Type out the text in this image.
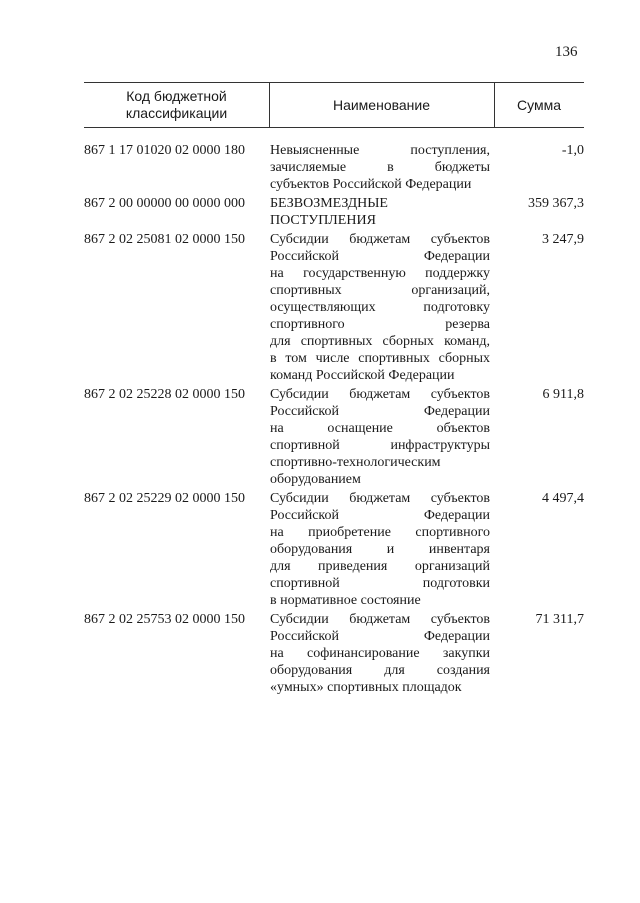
136
Код бюджетной
классификации
Наименование	Сумма
867 1 17 01020 02 0000 180	Невыясненные поступления,
зачисляемые в бюджеты
субъектов Российской Федерации
-1,0
867 2 00 00000 00 0000 000	БЕЗВОЗМЕЗДНЫЕ
ПОСТУПЛЕНИЯ
359 367,3
867 2 02 25081 02 0000 150	Субсидии бюджетам субъектов
Российской Федерации
на государственную поддержку
спортивных организаций,
осуществляющих подготовку
спортивного резерва
для спортивных сборных команд,
в том числе спортивных сборных
команд Российской Федерации
3 247,9
867 2 02 25228 02 0000 150	Субсидии бюджетам субъектов
Российской Федерации
на оснащение объектов
спортивной инфраструктуры
спортивно-технологическим
оборудованием
6 911,8
867 2 02 25229 02 0000 150	Субсидии бюджетам субъектов
Российской Федерации
на приобретение спортивного
оборудования и инвентаря
для приведения организаций
спортивной подготовки
в нормативное состояние
4 497,4
867 2 02 25753 02 0000 150	Субсидии бюджетам субъектов
Российской Федерации
на софинансирование закупки
оборудования для создания
«умных» спортивных площадок
71 311,7
